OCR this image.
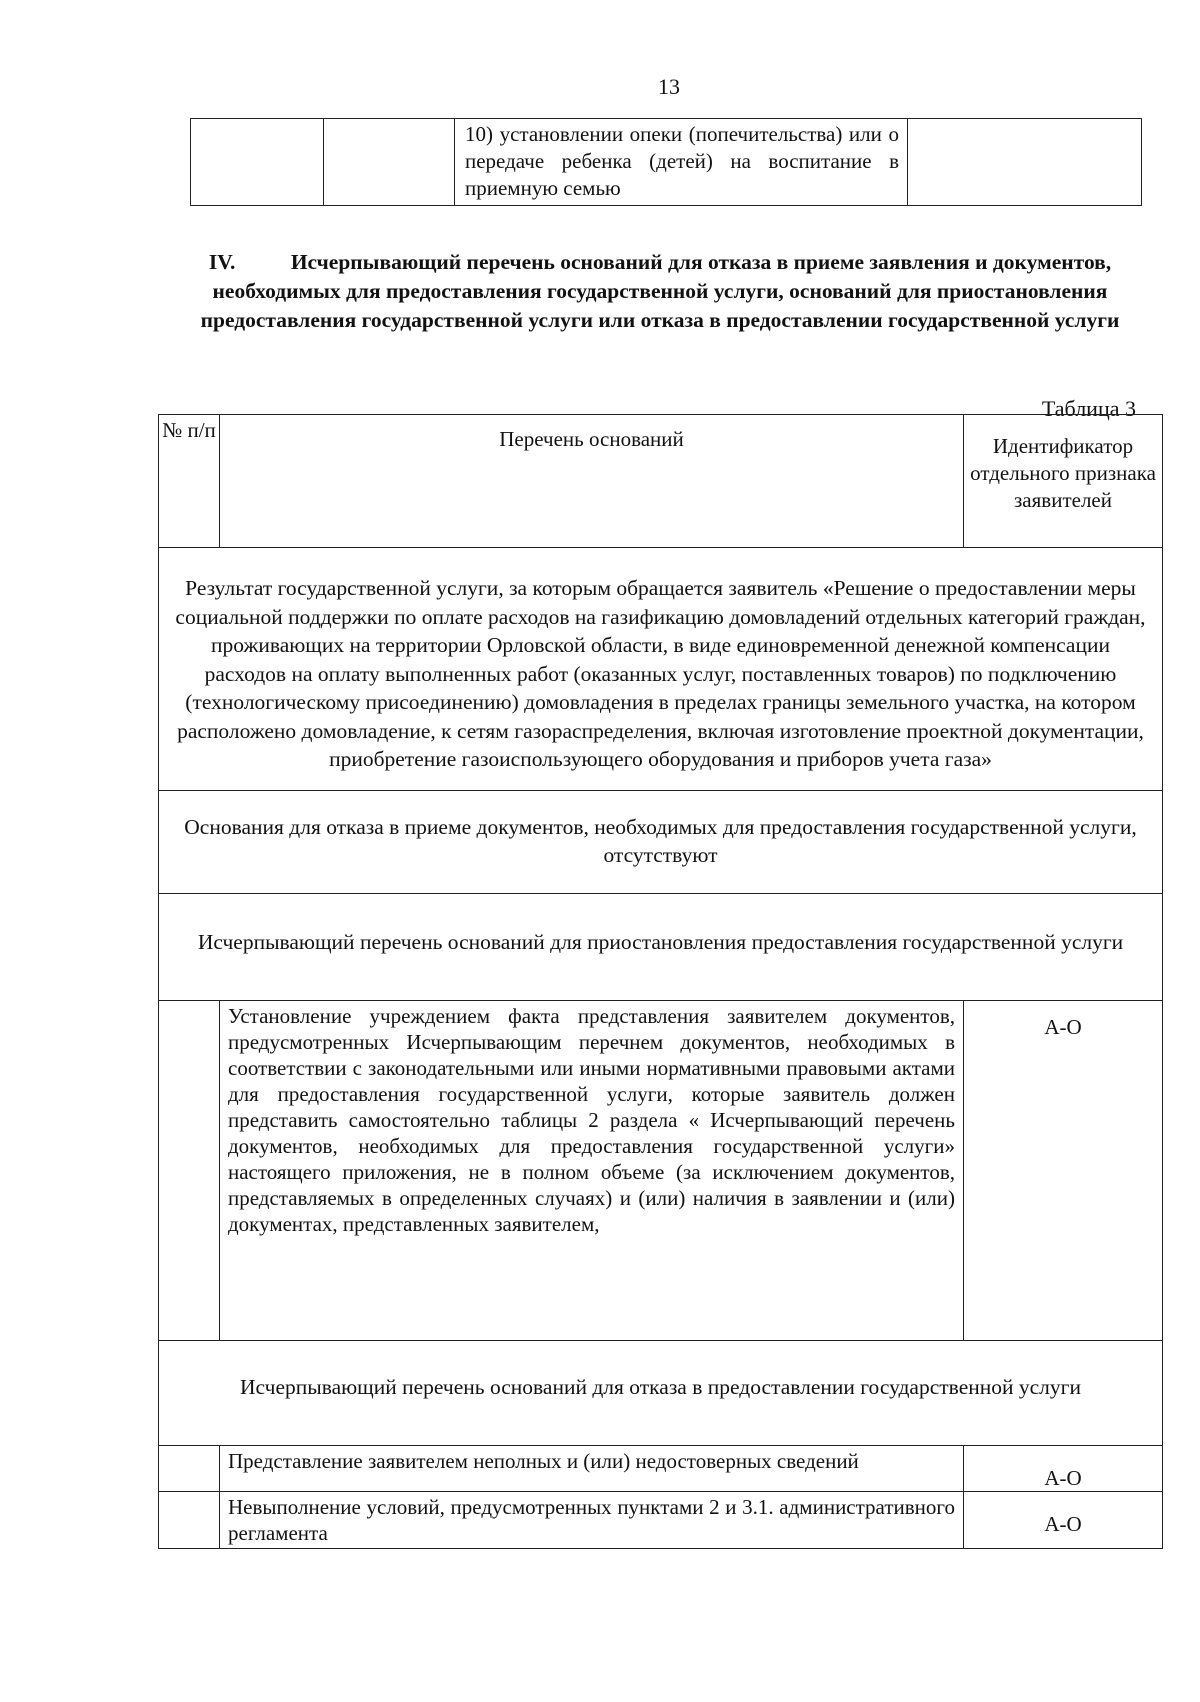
13

10) установлении опеки (попечительства) или о передаче ребенка (детей) на воспитание в приемную семью

IV.	Исчерпывающий перечень оснований для отказа в приеме заявления и документов, необходимых для предоставления государственной услуги, оснований для приостановления предоставления государственной услуги или отказа в предоставлении государственной услуги
Таблица 3
№ п/п	Перечень оснований	Идентификатор отдельного признака заявителей
Результат государственной услуги, за которым обращается заявитель «Решение о предоставлении меры социальной поддержки по оплате расходов на газификацию домовладений отдельных категорий граждан, проживающих на территории Орловской области, в виде единовременной денежной компенсации расходов на оплату выполненных работ (оказанных услуг, поставленных товаров) по подключению (технологическому присоединению) домовладения в пределах границы земельного участка, на котором расположено домовладение, к сетям газораспределения, включая изготовление проектной документации, приобретение газоиспользующего оборудования и приборов учета газа»		
Основания для отказа в приеме документов, необходимых для предоставления государственной услуги, отсутствуют		
Исчерпывающий перечень оснований для приостановления предоставления государственной услуги		

	Установление учреждением факта представления заявителем документов, предусмотренных Исчерпывающим перечнем документов, необходимых в соответствии с законодательными или иными нормативными правовыми актами для предоставления государственной услуги, которые заявитель должен представить самостоятельно таблицы 2 раздела « Исчерпывающий перечень документов, необходимых для предоставления государственной услуги» настоящего приложения, не в полном объеме (за исключением документов, представляемых в определенных случаях) и (или) наличия в заявлении и (или) документах, представленных заявителем,	А-О
Исчерпывающий перечень оснований для отказа в предоставлении государственной услуги		

	Представление заявителем неполных и (или) недостоверных сведений	А-О

	Невыполнение условий, предусмотренных пунктами 2 и 3.1. административного регламента	А-О
